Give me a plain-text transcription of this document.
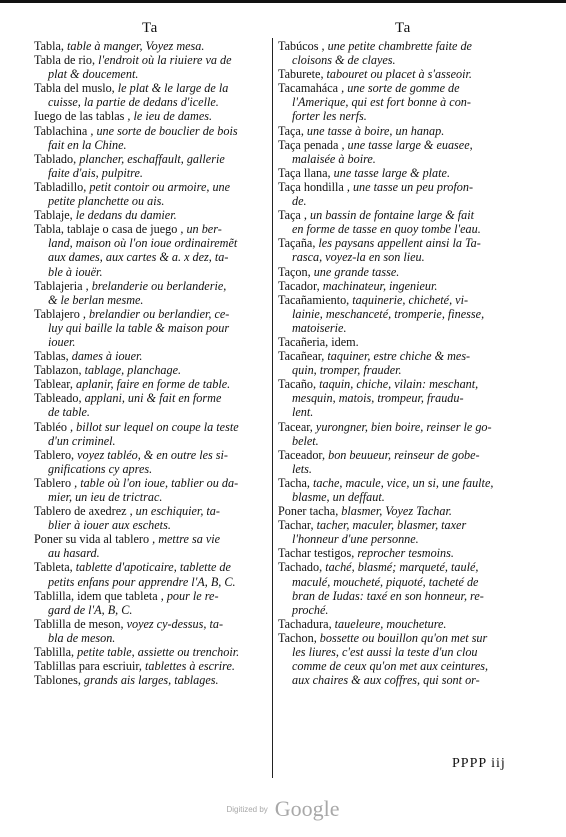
Ta	Ta

Tabla, table à manger, Voyez mesa.

Tabla de rio, l'endroit où la riuiere va de

plat & doucement.

Tabla del muslo, le plat & le large de la

cuisse, la partie de dedans d'icelle.

Iuego de las tablas , le ieu de dames.

Tablachina , une sorte de bouclier de bois

fait en la Chine.

Tablado, plancher, eschaffault, gallerie

faite d'ais, pulpitre.

Tabladillo, petit contoir ou armoire, une

petite planchette ou ais.

Tablaje, le dedans du damier.

Tabla, tablaje o casa de juego , un ber-

land, maison où l'on ioue ordinairemẽt
aux dames, aux cartes & a. x dez, ta-
ble à iouër.

Tablajeria , brelanderie ou berlanderie,

& le berlan mesme.

Tablajero , brelandier ou berlandier, ce-

luy qui baille la table & maison pour
iouer.

Tablas, dames à iouer.

Tablazon, tablage, planchage.

Tablear, aplanir, faire en forme de table.

Tableado, applani, uni & fait en forme

de table.

Tabléo , billot sur lequel on coupe la teste

d'un criminel.

Tablero, voyez tabléo, & en outre les si-

gnifications cy apres.

Tablero , table où l'on ioue, tablier ou da-

mier, un ieu de trictrac.

Tablero de axedrez , un eschiquier, ta-

blier à iouer aux eschets.

Poner su vida al tablero , mettre sa vie

au hasard.

Tableta, tablette d'apoticaire, tablette de

petits enfans pour apprendre l'A, B, C.

Tablilla, idem que tableta , pour le re-

gard de l'A, B, C.

Tablilla de meson, voyez cy-dessus, ta-

bla de meson.

Tablilla, petite table, assiette ou trenchoir.

Tablillas para escriuir, tablettes à escrire.

Tablones, grands ais larges, tablages.

Tabúcos , une petite chambrette faite de

cloisons & de clayes.

Taburete, tabouret ou placet à s'asseoir.

Tacamaháca , une sorte de gomme de

l'Amerique, qui est fort bonne à con-
forter les nerfs.

Taça, une tasse à boire, un hanap.

Taça penada , une tasse large & euasee,

malaisée à boire.

Taça llana, une tasse large & plate.

Taça hondilla , une tasse un peu profon-

de.

Taça , un bassin de fontaine large & fait

en forme de tasse en quoy tombe l'eau.

Taçaña, les paysans appellent ainsi la Ta-

rasca, voyez-la en son lieu.

Taçon, une grande tasse.

Tacador, machinateur, ingenieur.

Tacañamiento, taquinerie, chicheté, vi-

lainie, meschanceté, tromperie, finesse,
matoiserie.

Tacañeria, idem.

Tacañear, taquiner, estre chiche & mes-

quin, tromper, frauder.

Tacaño, taquin, chiche, vilain: meschant,

mesquin, matois, trompeur, fraudu-
lent.

Tacear, yurongner, bien boire, reinser le go-

belet.

Taceador, bon beuueur, reinseur de gobe-

lets.

Tacha, tache, macule, vice, un si, une faulte,

blasme, un deffaut.

Poner tacha, blasmer, Voyez Tachar.

Tachar, tacher, maculer, blasmer, taxer

l'honneur d'une personne.

Tachar testigos, reprocher tesmoins.

Tachado, taché, blasmé; marqueté, taulé,

maculé, moucheté, piquoté, tacheté de
bran de Iudas: taxé en son honneur, re-
proché.

Tachadura, taueleure, moucheture.

Tachon, bossette ou bouillon qu'on met sur

les liures, c'est aussi la teste d'un clou
comme de ceux qu'on met aux ceintures,
aux chaires & aux coffres, qui sont or-

PPPP iij
Digitized by Google
